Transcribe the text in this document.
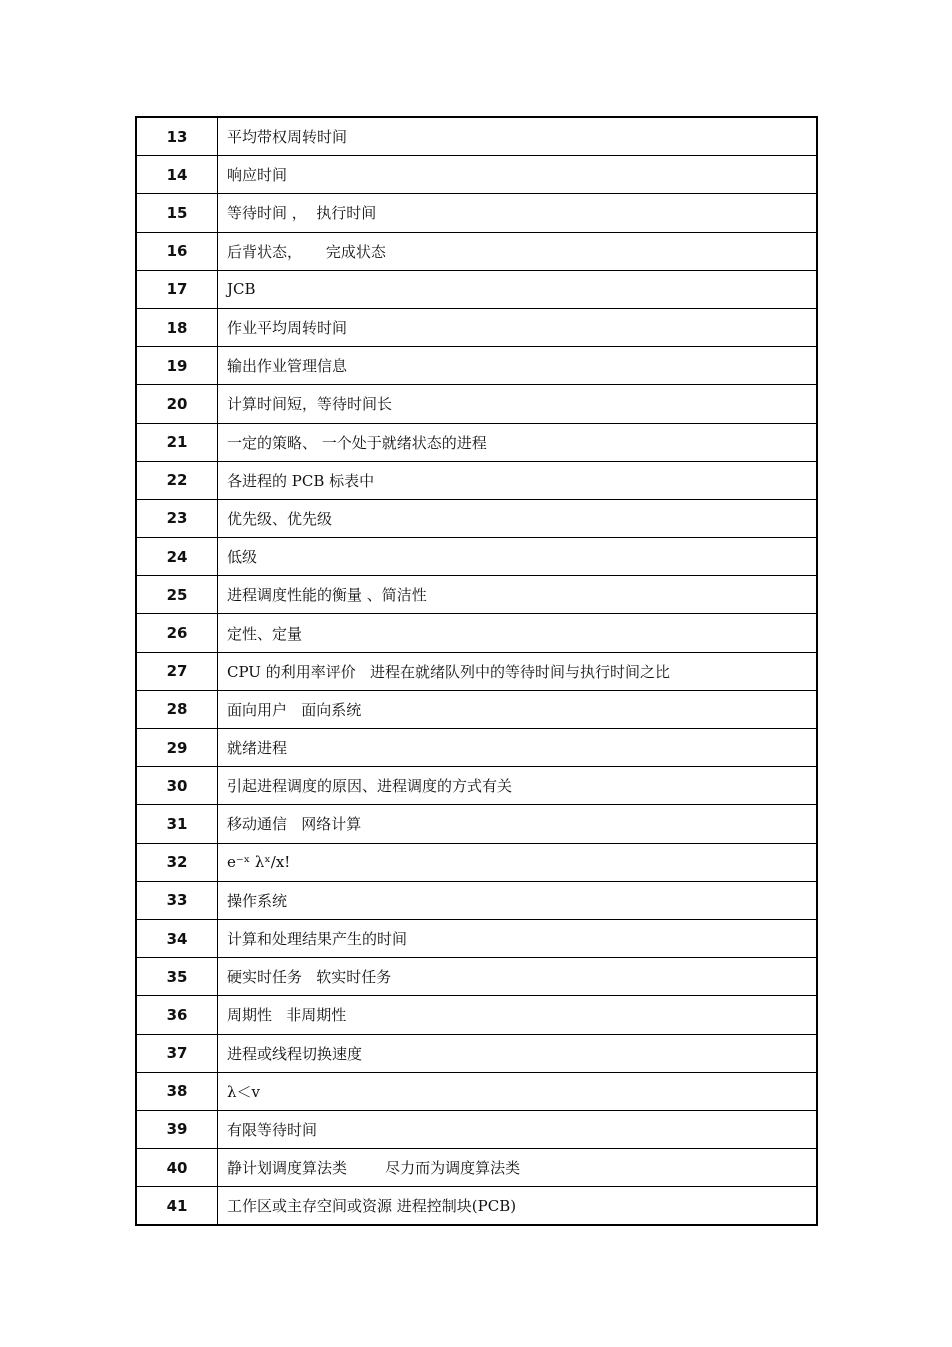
13	平均带权周转时间
14	响应时间
15	等待时间 ，  执行时间
16	后背状态，     完成状态
17	JCB
18	作业平均周转时间
19	输出作业管理信息
20	计算时间短，等待时间长
21	一定的策略、 一个处于就绪状态的进程
22	各进程的 PCB 标表中
23	优先级、优先级
24	低级
25	进程调度性能的衡量 、简洁性
26	定性、定量
27	CPU 的利用率评价   进程在就绪队列中的等待时间与执行时间之比
28	面向用户   面向系统
29	就绪进程
30	引起进程调度的原因、进程调度的方式有关
31	移动通信   网络计算
32	e⁻ˣ λˣ/x!
33	操作系统
34	计算和处理结果产生的时间
35	硬实时任务   软实时任务
36	周期性   非周期性
37	进程或线程切换速度
38	λ＜v
39	有限等待时间
40	静计划调度算法类        尽力而为调度算法类
41	工作区或主存空间或资源 进程控制块(PCB)
